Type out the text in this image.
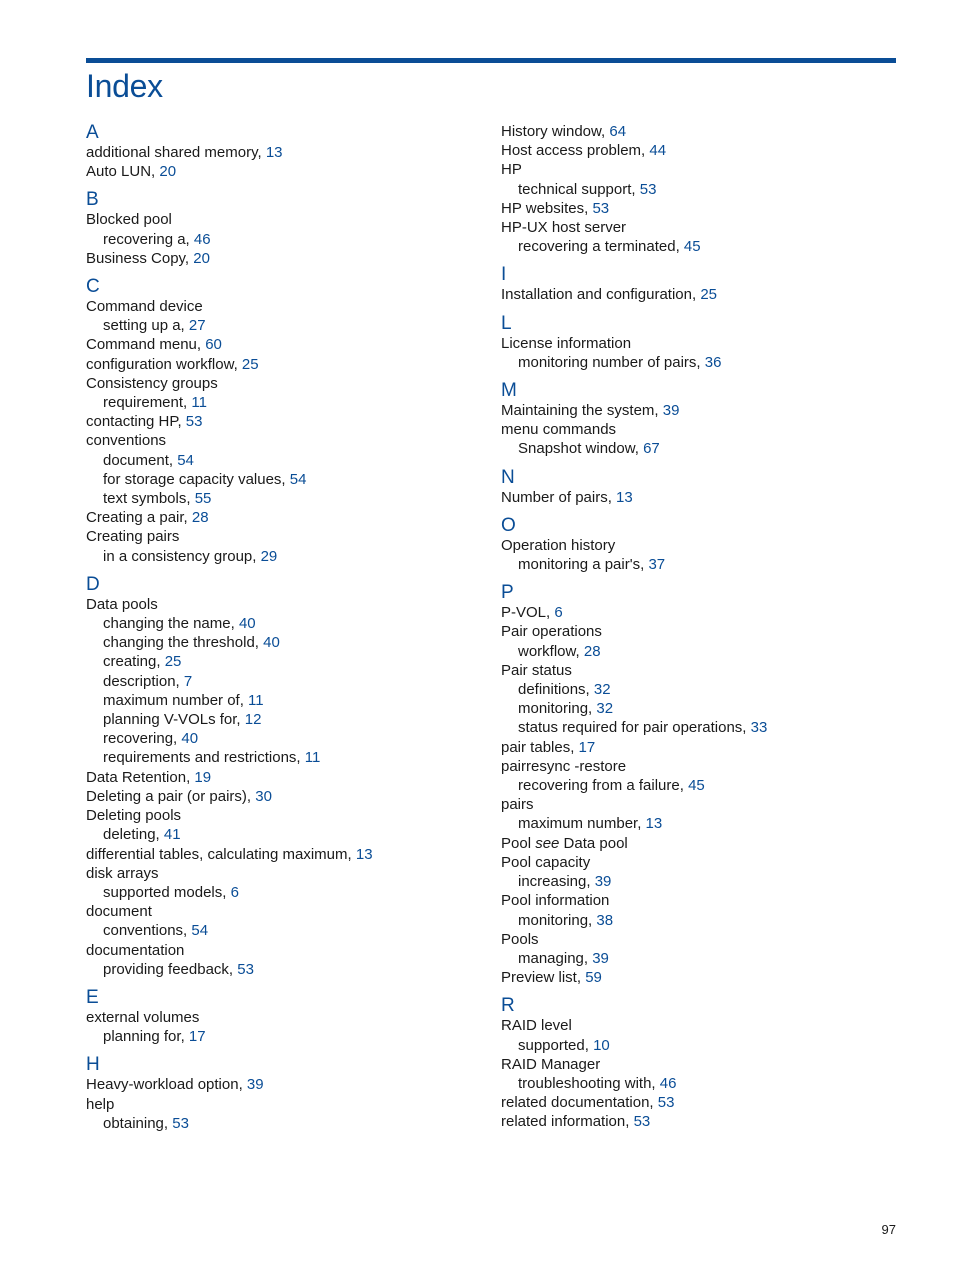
Index
A
additional shared memory, 13
Auto LUN, 20
B
Blocked pool
recovering a, 46
Business Copy, 20
C
Command device
setting up a, 27
Command menu, 60
configuration workflow, 25
Consistency groups
requirement, 11
contacting HP, 53
conventions
document, 54
for storage capacity values, 54
text symbols, 55
Creating a pair, 28
Creating pairs
in a consistency group, 29
D
Data pools
changing the name, 40
changing the threshold, 40
creating, 25
description, 7
maximum number of, 11
planning V-VOLs for, 12
recovering, 40
requirements and restrictions, 11
Data Retention, 19
Deleting a pair (or pairs), 30
Deleting pools
deleting, 41
differential tables, calculating maximum, 13
disk arrays
supported models, 6
document
conventions, 54
documentation
providing feedback, 53
E
external volumes
planning for, 17
H
Heavy-workload option, 39
help
obtaining, 53
History window, 64
Host access problem, 44
HP
technical support, 53
HP websites, 53
HP-UX host server
recovering a terminated, 45
I
Installation and configuration, 25
L
License information
monitoring number of pairs, 36
M
Maintaining the system, 39
menu commands
Snapshot window, 67
N
Number of pairs, 13
O
Operation history
monitoring a pair's, 37
P
P-VOL, 6
Pair operations
workflow, 28
Pair status
definitions, 32
monitoring, 32
status required for pair operations, 33
pair tables, 17
pairresync -restore
recovering from a failure, 45
pairs
maximum number, 13
Pool see Data pool
Pool capacity
increasing, 39
Pool information
monitoring, 38
Pools
managing, 39
Preview list, 59
R
RAID level
supported, 10
RAID Manager
troubleshooting with, 46
related documentation, 53
related information, 53
97
